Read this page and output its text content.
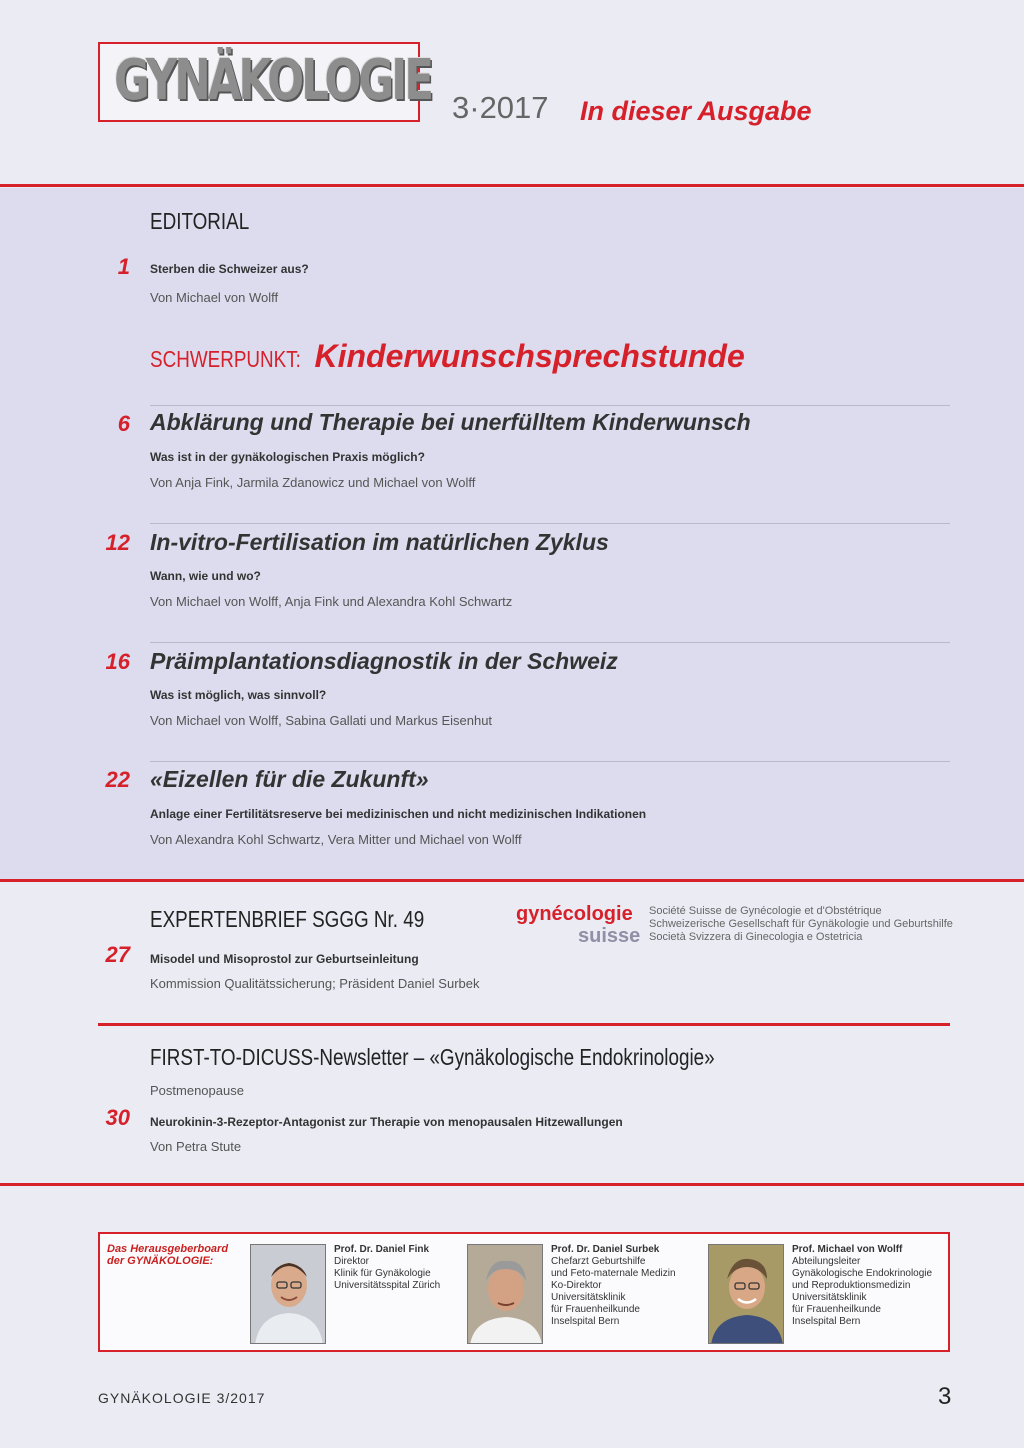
GYNÄKOLOGIE 3·2017 In dieser Ausgabe
EDITORIAL
1 Sterben die Schweizer aus?
Von Michael von Wolff
SCHWERPUNKT: Kinderwunschsprechstunde
6 Abklärung und Therapie bei unerfülltem Kinderwunsch
Was ist in der gynäkologischen Praxis möglich?
Von Anja Fink, Jarmila Zdanowicz und Michael von Wolff
12 In-vitro-Fertilisation im natürlichen Zyklus
Wann, wie und wo?
Von Michael von Wolff, Anja Fink und Alexandra Kohl Schwartz
16 Präimplantationsdiagnostik in der Schweiz
Was ist möglich, was sinnvoll?
Von Michael von Wolff, Sabina Gallati und Markus Eisenhut
22 «Eizellen für die Zukunft»
Anlage einer Fertilitätsreserve bei medizinischen und nicht medizinischen Indikationen
Von Alexandra Kohl Schwartz, Vera Mitter und Michael von Wolff
EXPERTENBRIEF SGGG Nr. 49	gynécologie
suisse
Société Suisse de Gynécologie et d'Obstétrique
Schweizerische Gesellschaft für Gynäkologie und Geburtshilfe
Società Svizzera di Ginecologia e Ostetricia
27 Misodel und Misoprostol zur Geburtseinleitung
Kommission Qualitätssicherung; Präsident Daniel Surbek
FIRST-TO-DICUSS-Newsletter – «Gynäkologische Endokrinologie»
Postmenopause
30 Neurokinin-3-Rezeptor-Antagonist zur Therapie von menopausalen Hitzewallungen
Von Petra Stute
Das Herausgeberboard
der GYNÄKOLOGIE:
Prof. Dr. Daniel Fink
Direktor
Klinik für Gynäkologie
Universitätsspital Zürich
Prof. Dr. Daniel Surbek
Chefarzt Geburtshilfe
und Feto-maternale Medizin
Ko-Direktor
Universitätsklinik
für Frauenheilkunde
Inselspital Bern
Prof. Michael von Wolff
Abteilungsleiter
Gynäkologische Endokrinologie
und Reproduktionsmedizin
Universitätsklinik
für Frauenheilkunde
Inselspital Bern
GYNÄKOLOGIE 3/2017	3
